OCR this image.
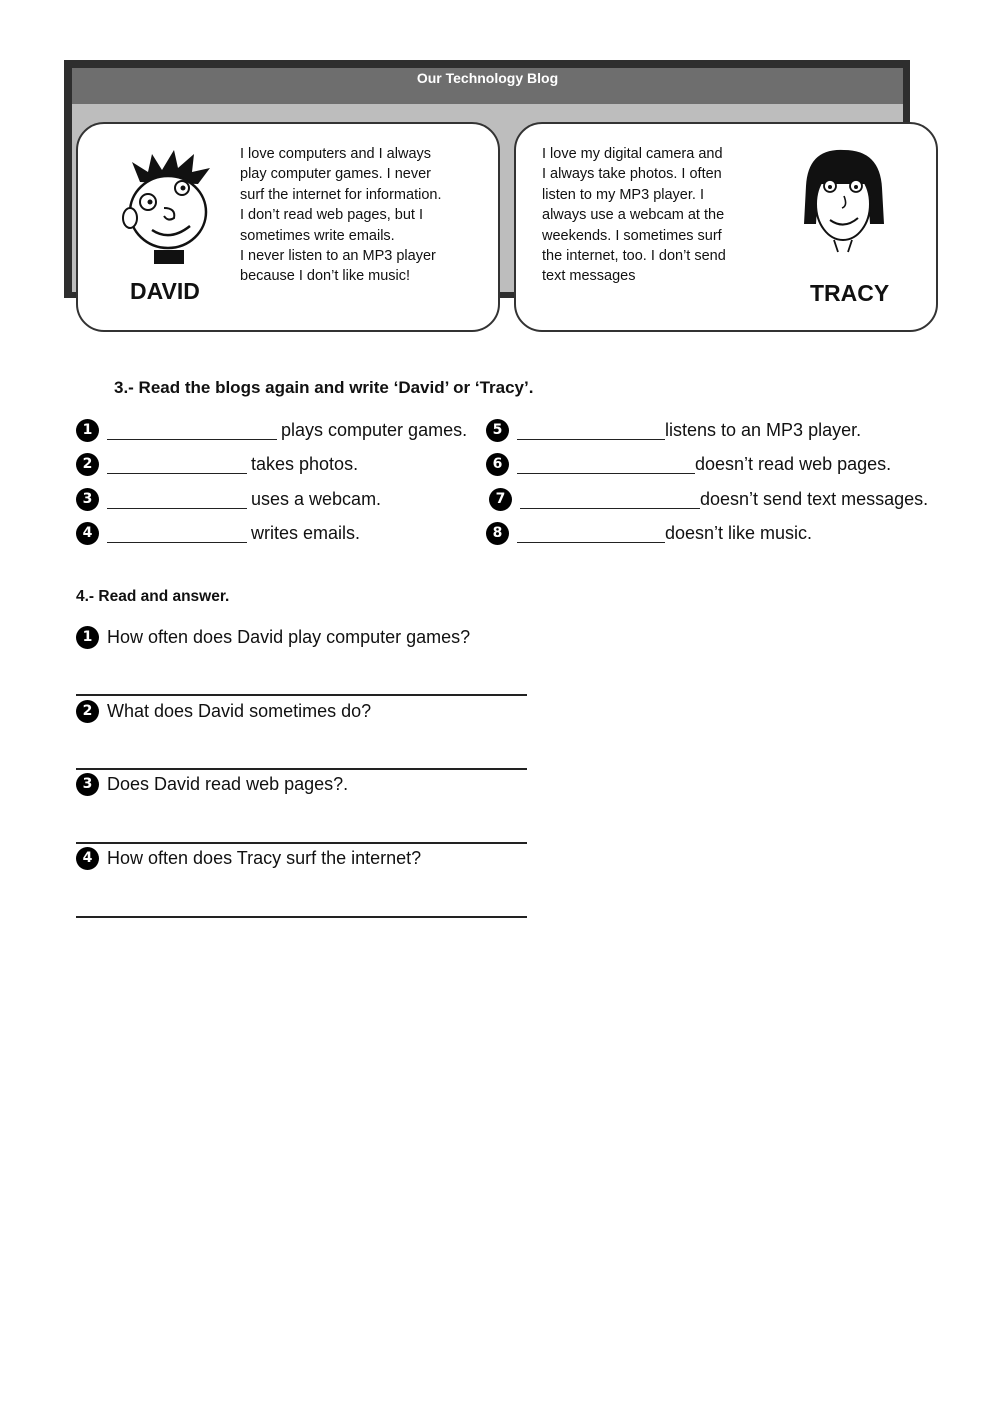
Our Technology Blog
DAVID
I love computers and I always
play computer games. I never
surf the internet for information.
I don’t read web pages, but I
sometimes write emails.
I never listen to an MP3 player
because I don’t like music!
I love my digital camera and
I always take photos. I often
listen to my MP3 player. I
always use a webcam at the
weekends. I sometimes surf
the internet, too. I don’t send
text messages
TRACY
3.- Read the blogs again and write ‘David’ or ‘Tracy’.
1	plays computer games.
2	takes photos.
3	uses a webcam.
4	writes emails.
5	listens to an MP3 player.
6	doesn’t read web pages.
7	doesn’t send text messages.
8	doesn’t like music.
4.- Read and answer.
1 How often does David play computer games?
2 What does David sometimes do?
3 Does David read web pages?.
4 How often does Tracy surf the internet?
